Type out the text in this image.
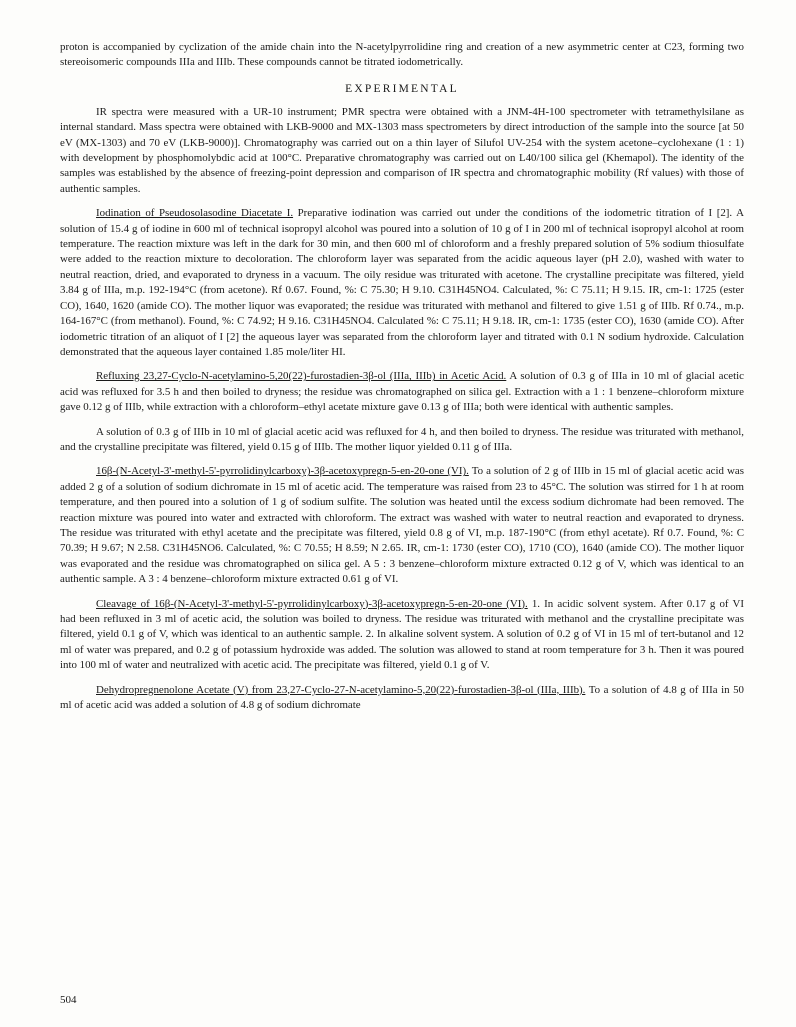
proton is accompanied by cyclization of the amide chain into the N-acetylpyrrolidine ring and creation of a new asymmetric center at C23, forming two stereoisomeric compounds IIIa and IIIb. These compounds cannot be titrated iodometrically.

EXPERIMENTAL

IR spectra were measured with a UR-10 instrument; PMR spectra were obtained with a JNM-4H-100 spectrometer with tetramethylsilane as internal standard. Mass spectra were obtained with LKB-9000 and MX-1303 mass spectrometers by direct introduction of the sample into the source [at 50 eV (MX-1303) and 70 eV (LKB-9000)]. Chromatography was carried out on a thin layer of Silufol UV-254 with the system acetone–cyclohexane (1 : 1) with development by phosphomolybdic acid at 100°C. Preparative chromatography was carried out on L40/100 silica gel (Khemapol). The identity of the samples was established by the absence of freezing-point depression and comparison of IR spectra and chromatographic mobility (Rf values) with those of authentic samples.

Iodination of Pseudosolasodine Diacetate I. Preparative iodination was carried out under the conditions of the iodometric titration of I [2]. A solution of 15.4 g of iodine in 600 ml of technical isopropyl alcohol was poured into a solution of 10 g of I in 200 ml of technical isopropyl alcohol at room temperature. The reaction mixture was left in the dark for 30 min, and then 600 ml of chloroform and a freshly prepared solution of 5% sodium thiosulfate were added to the reaction mixture to decoloration. The chloroform layer was separated from the acidic aqueous layer (pH 2.0), washed with water to neutral reaction, dried, and evaporated to dryness in a vacuum. The oily residue was triturated with acetone. The crystalline precipitate was filtered, yield 3.84 g of IIIa, m.p. 192-194°C (from acetone). Rf 0.67. Found, %: C 75.30; H 9.10. C31H45NO4. Calculated, %: C 75.11; H 9.15. IR, cm-1: 1725 (ester CO), 1640, 1620 (amide CO). The mother liquor was evaporated; the residue was triturated with methanol and filtered to give 1.51 g of IIIb. Rf 0.74., m.p. 164-167°C (from methanol). Found, %: C 74.92; H 9.16. C31H45NO4. Calculated %: C 75.11; H 9.18. IR, cm-1: 1735 (ester CO), 1630 (amide CO). After iodometric titration of an aliquot of I [2] the aqueous layer was separated from the chloroform layer and titrated with 0.1 N sodium hydroxide. Calculation demonstrated that the aqueous layer contained 1.85 mole/liter HI.

Refluxing 23,27-Cyclo-N-acetylamino-5,20(22)-furostadien-3β-ol (IIIa, IIIb) in Acetic Acid. A solution of 0.3 g of IIIa in 10 ml of glacial acetic acid was refluxed for 3.5 h and then boiled to dryness; the residue was chromatographed on silica gel. Extraction with a 1 : 1 benzene–chloroform mixture gave 0.12 g of IIIb, while extraction with a chloroform–ethyl acetate mixture gave 0.13 g of IIIa; both were identical with authentic samples.

A solution of 0.3 g of IIIb in 10 ml of glacial acetic acid was refluxed for 4 h, and then boiled to dryness. The residue was triturated with methanol, and the crystalline precipitate was filtered, yield 0.15 g of IIIb. The mother liquor yielded 0.11 g of IIIa.

16β-(N-Acetyl-3'-methyl-5'-pyrrolidinylcarboxy)-3β-acetoxypregn-5-en-20-one (VI). To a solution of 2 g of IIIb in 15 ml of glacial acetic acid was added 2 g of a solution of sodium dichromate in 15 ml of acetic acid. The temperature was raised from 23 to 45°C. The solution was stirred for 1 h at room temperature, and then poured into a solution of 1 g of sodium sulfite. The solution was heated until the excess sodium dichromate had been removed. The reaction mixture was poured into water and extracted with chloroform. The extract was washed with water to neutral reaction and evaporated to dryness. The residue was triturated with ethyl acetate and the precipitate was filtered, yield 0.8 g of VI, m.p. 187-190°C (from ethyl acetate). Rf 0.7. Found, %: C 70.39; H 9.67; N 2.58. C31H45NO6. Calculated, %: C 70.55; H 8.59; N 2.65. IR, cm-1: 1730 (ester CO), 1710 (CO), 1640 (amide CO). The mother liquor was evaporated and the residue was chromatographed on silica gel. A 5 : 3 benzene–chloroform mixture extracted 0.12 g of V, which was identical to an authentic sample. A 3 : 4 benzene–chloroform mixture extracted 0.61 g of VI.

Cleavage of 16β-(N-Acetyl-3'-methyl-5'-pyrrolidinylcarboxy)-3β-acetoxypregn-5-en-20-one (VI). 1. In acidic solvent system. After 0.17 g of VI had been refluxed in 3 ml of acetic acid, the solution was boiled to dryness. The residue was triturated with methanol and the crystalline precipitate was filtered, yield 0.1 g of V, which was identical to an authentic sample. 2. In alkaline solvent system. A solution of 0.2 g of VI in 15 ml of tert-butanol and 12 ml of water was prepared, and 0.2 g of potassium hydroxide was added. The solution was allowed to stand at room temperature for 3 h. Then it was poured into 100 ml of water and neutralized with acetic acid. The precipitate was filtered, yield 0.1 g of V.

Dehydropregnenolone Acetate (V) from 23,27-Cyclo-27-N-acetylamino-5,20(22)-furostadien-3β-ol (IIIa, IIIb). To a solution of 4.8 g of IIIa in 50 ml of acetic acid was added a solution of 4.8 g of sodium dichromate

504
